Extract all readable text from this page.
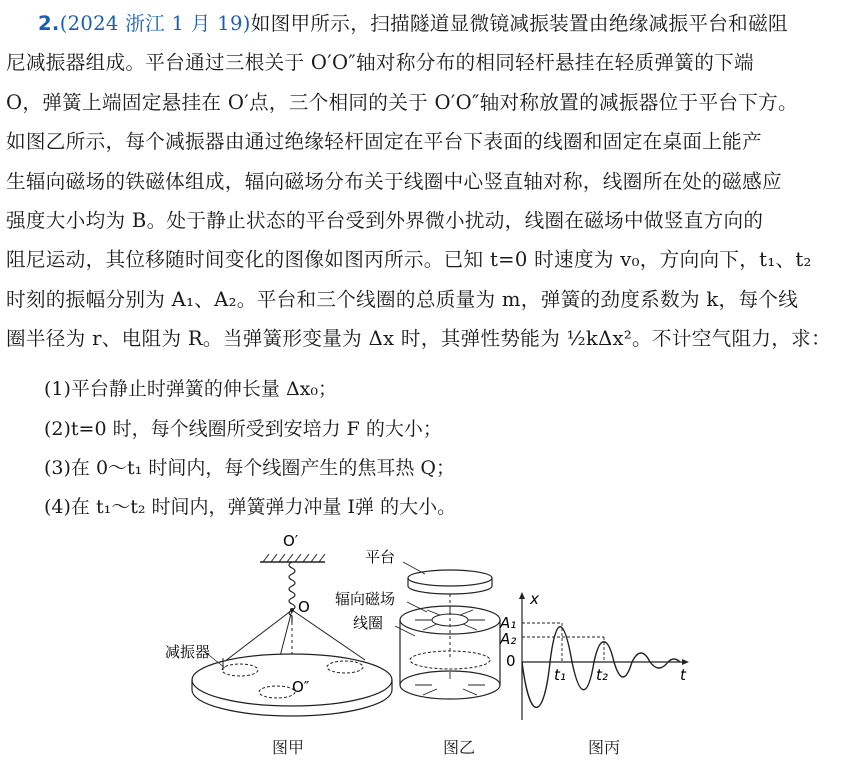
2.(2024 浙江 1 月 19)如图甲所示，扫描隧道显微镜减振装置由绝缘减振平台和磁阻
尼减振器组成。平台通过三根关于 O′O″轴对称分布的相同轻杆悬挂在轻质弹簧的下端
O，弹簧上端固定悬挂在 O′点，三个相同的关于 O′O″轴对称放置的减振器位于平台下方。
如图乙所示，每个减振器由通过绝缘轻杆固定在平台下表面的线圈和固定在桌面上能产
生辐向磁场的铁磁体组成，辐向磁场分布关于线圈中心竖直轴对称，线圈所在处的磁感应
强度大小均为 B。处于静止状态的平台受到外界微小扰动，线圈在磁场中做竖直方向的
阻尼运动，其位移随时间变化的图像如图丙所示。已知 t=0 时速度为 v₀，方向向下，t₁、t₂
时刻的振幅分别为 A₁、A₂。平台和三个线圈的总质量为 m，弹簧的劲度系数为 k，每个线
圈半径为 r、电阻为 R。当弹簧形变量为 Δx 时，其弹性势能为 ½kΔx²。不计空气阻力，求：
(1)平台静止时弹簧的伸长量 Δx₀；
(2)t=0 时，每个线圈所受到安培力 F 的大小；
(3)在 0～t₁ 时间内，每个线圈产生的焦耳热 Q；
(4)在 t₁～t₂ 时间内，弹簧弹力冲量 I弹 的大小。
O′
O
减振器
O″
图甲
平台
辐向磁场
线圈
图乙
x
t
A₁
A₂
0
t₁ t₂
图丙
